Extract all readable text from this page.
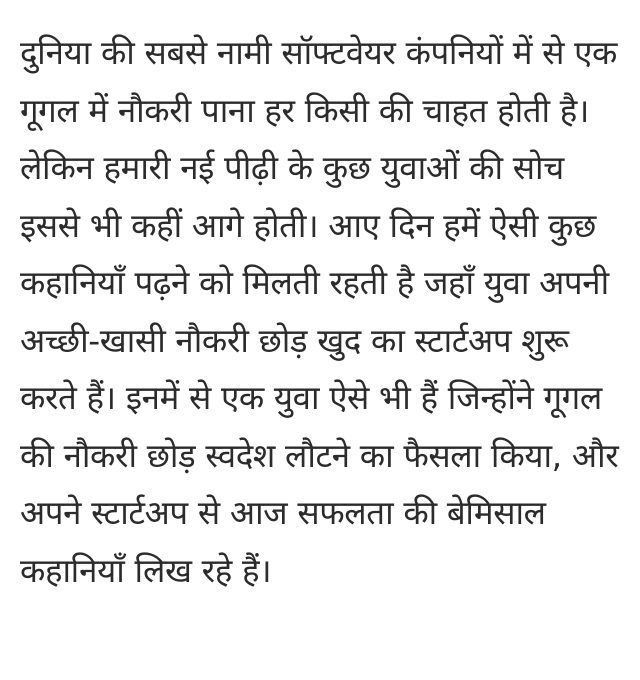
दुनिया की सबसे नामी सॉफ्टवेयर कंपनियों में से एक गूगल में नौकरी पाना हर किसी की चाहत होती है। लेकिन हमारी नई पीढ़ी के कुछ युवाओं की सोच इससे भी कहीं आगे होती। आए दिन हमें ऐसी कुछ कहानियाँ पढ़ने को मिलती रहती है जहाँ युवा अपनी अच्छी-खासी नौकरी छोड़ खुद का स्टार्टअप शुरू करते हैं। इनमें से एक युवा ऐसे भी हैं जिन्होंने गूगल की नौकरी छोड़ स्वदेश लौटने का फैसला किया, और अपने स्टार्टअप से आज सफलता की बेमिसाल कहानियाँ लिख रहे हैं।
